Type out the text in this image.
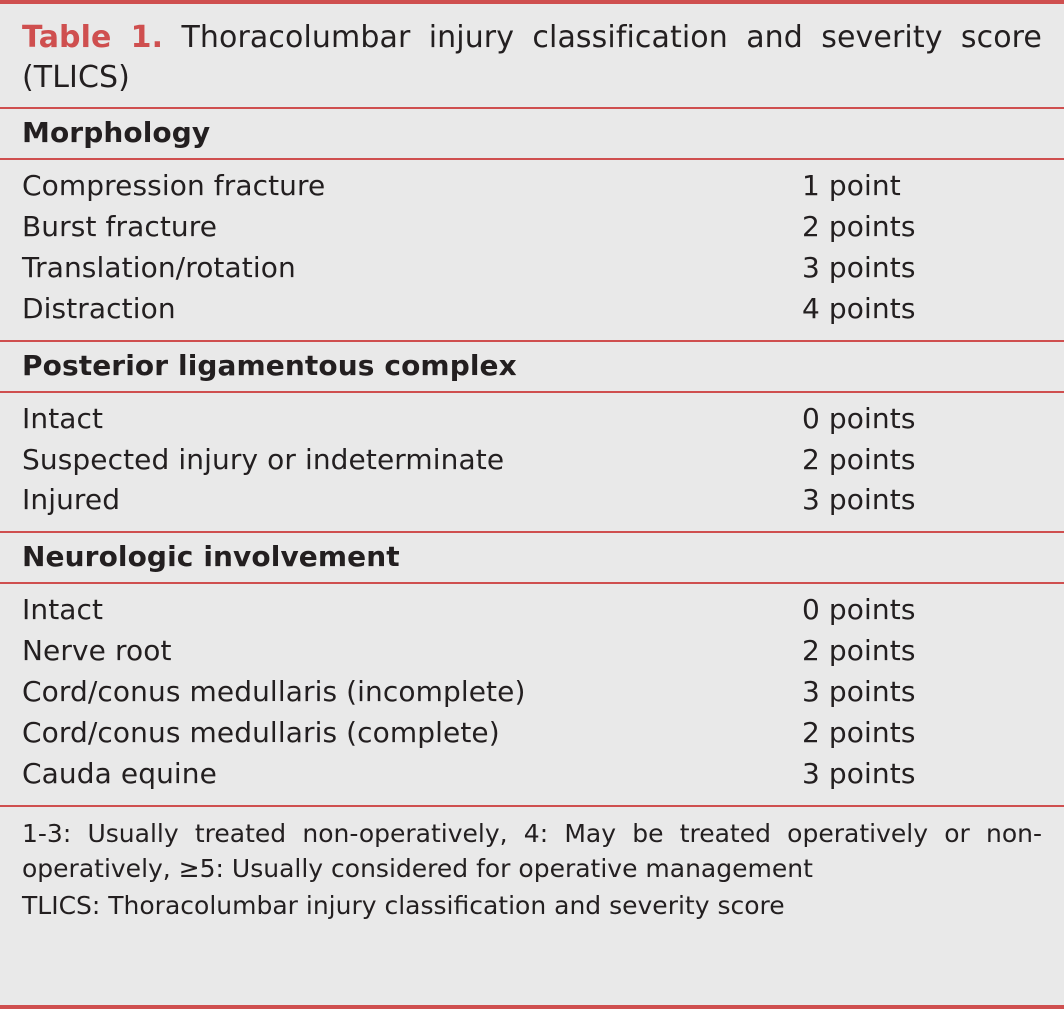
Table 1. Thoracolumbar injury classification and severity score (TLICS)
Morphology
Compression fracture	1 point
Burst fracture	2 points
Translation/rotation	3 points
Distraction	4 points
Posterior ligamentous complex
Intact	0 points
Suspected injury or indeterminate	2 points
Injured	3 points
Neurologic involvement
Intact	0 points
Nerve root	2 points
Cord/conus medullaris (incomplete)	3 points
Cord/conus medullaris (complete)	2 points
Cauda equine	3 points
1-3: Usually treated non-operatively, 4: May be treated operatively or non-operatively, ≥5: Usually considered for operative management
TLICS: Thoracolumbar injury classification and severity score
